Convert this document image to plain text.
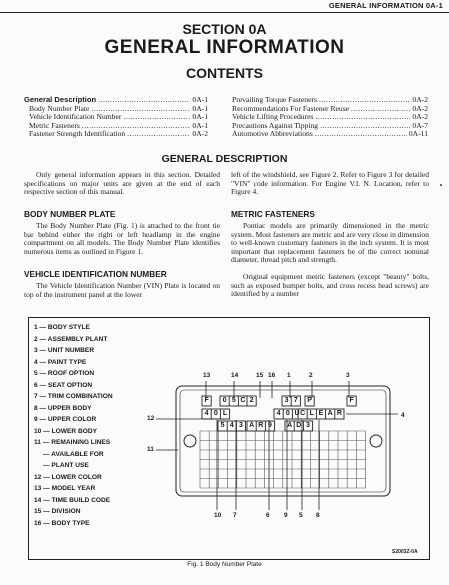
GENERAL INFORMATION 0A-1
SECTION 0A
GENERAL INFORMATION
CONTENTS
General Description .....	0A-1
Body Number Plate .....	0A-1
Vehicle Identification Number .....	0A-1
Metric Fasteners .....	0A-1
Fastener Strength Identification .....	0A-2
Prevailing Torque Fasteners .....	0A-2
Recommendations For Fastener Reuse .....	0A-2
Vehicle Lifting Procedures .....	0A-2
Precautions Against Tipping .....	0A-7
Automotive Abbreviations .....	0A-11
GENERAL DESCRIPTION
Only general information appears in this section. Detailed specifications on major units are given at the end of each respective section of this manual.
BODY NUMBER PLATE
The Body Number Plate (Fig. 1) is attached to the front tie bar behind either the right or left headlamp in the engine compartment on all models. The Body Number Plate identifies numerous items as outlined in Figure 1.
VEHICLE IDENTIFICATION NUMBER
The Vehicle Identification Number (VIN) Plate is located on top of the instrument panel at the lower
left of the windshield, see Figure 2. Refer to Figure 3 for detailed "VIN" code information. For Engine V.I. N. Location, refer to Figure 4.
METRIC FASTENERS
Pontiac models are primarily dimensioned in the metric system. Most fasteners are metric and are very close in dimension to well-known customary fasteners in the inch system. It is most important that replacement fasteners be of the correct nominal diameter, thread pitch and strength.
Original equipment metric fasteners (except "beauty" bolts, such as exposed bumper bolts, and cross recess head screws) are identified by a number
1 — BODY STYLE
2 — ASSEMBLY PLANT
3 — UNIT NUMBER
4 — PAINT TYPE
5 — ROOF OPTION
6 — SEAT OPTION
7 — TRIM COMBINATION
8 — UPPER BODY
9 — UPPER COLOR
10 — LOWER BODY
11 — REMAINING LINES
— AVAILABLE FOR
— PLANT USE
12 — LOWER COLOR
13 — MODEL YEAR
14 — TIME BUILD CODE
15 — DIVISION
16 — BODY TYPE
F	0 5 C 2	3 7	P	F
4 0 L	4 0 U C L E A R
5 4 3 A R 9	A D 3
13	14	15 16 1	2	3
10 7	6 9 5 8
12
11
4
S2003Z-0A
Fig. 1 Body Number Plate
